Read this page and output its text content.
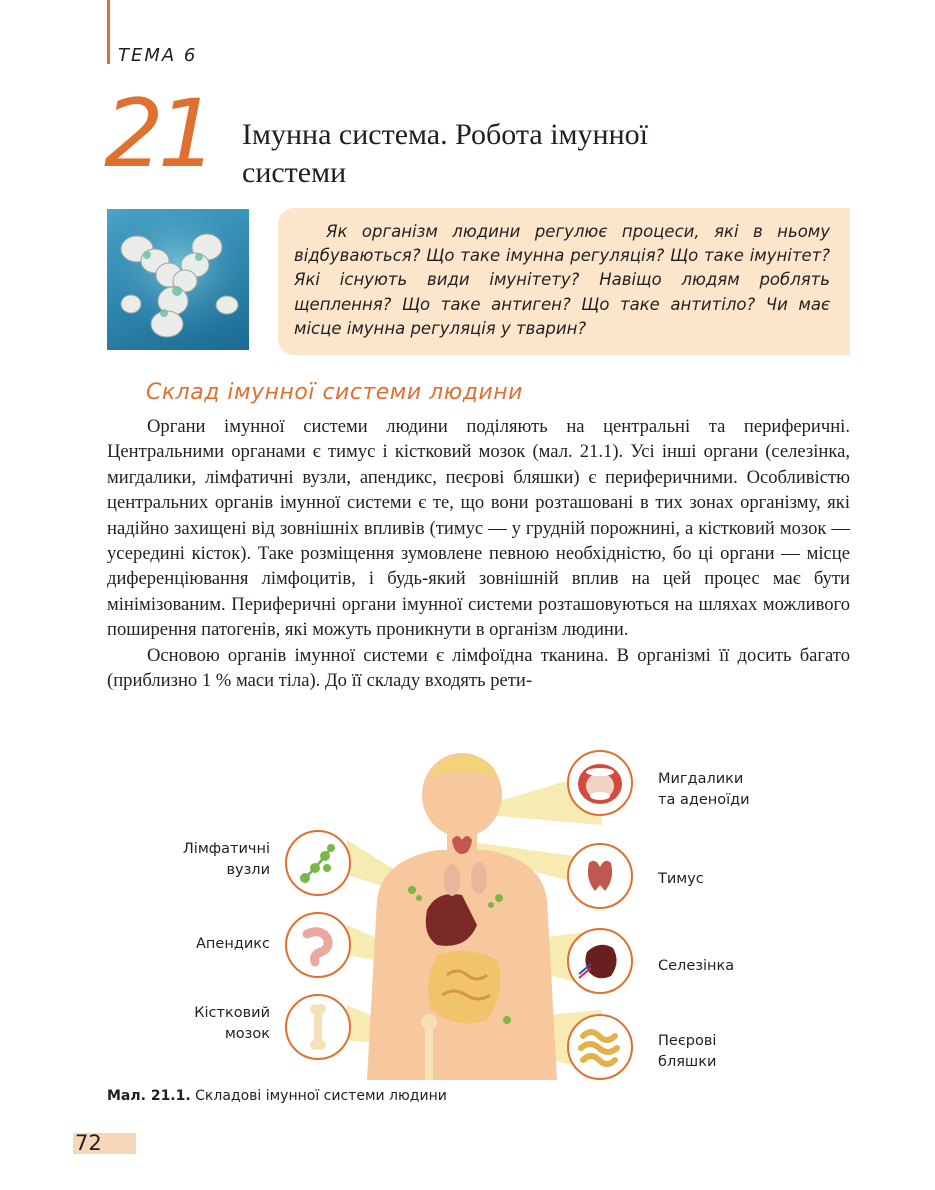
ТЕМА 6
21 Імунна система. Робота імунної
системи
Як організм людини регулює процеси, які в ньому відбуваються? Що таке імунна регуляція? Що таке імунітет? Які існують види імунітету? Навіщо людям роблять щеплення? Що таке антиген? Що таке антитіло? Чи має місце імунна регуляція у тварин?
Склад імунної системи людини

Органи імунної системи людини поділяють на центральні та периферичні. Центральними органами є тимус і кістковий мозок (мал. 21.1). Усі інші органи (селезінка, мигдалики, лімфатичні вузли, апендикс, пеєрові бляшки) є периферичними. Особливістю центральних органів імунної системи є те, що вони розташовані в тих зонах організму, які надійно захищені від зовнішніх впливів (тимус — у грудній порожнині, а кістковий мозок — усередині кісток). Таке розміщення зумовлене певною необхідністю, бо ці органи — місце диференціювання лімфоцитів, і будь-який зовнішній вплив на цей процес має бути мінімізованим. Периферичні органи імунної системи розташовуються на шляхах можливого поширення патогенів, які можуть проникнути в організм людини.

Основою органів імунної системи є лімфоїдна тканина. В організмі її досить багато (приблизно 1 % маси тіла). До її складу входять рети-

Лімфатичні
вузли
Апендикс
Кістковий
мозок
Мигдалики
та аденоїди
Тимус
Селезінка
Пеєрові
бляшки
Мал. 21.1. Складові імунної системи людини
72
